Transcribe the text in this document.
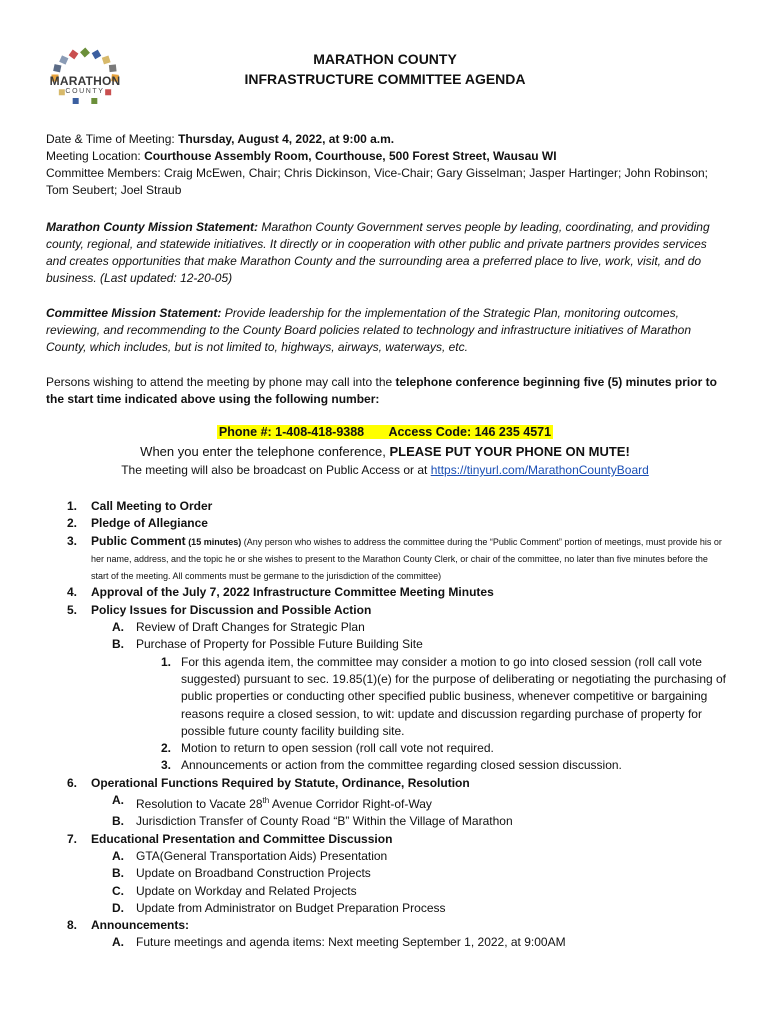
MARATHON
COUNTY
MARATHON COUNTY
INFRASTRUCTURE COMMITTEE AGENDA
Date & Time of Meeting: Thursday, August 4, 2022, at 9:00 a.m.
Meeting Location: Courthouse Assembly Room, Courthouse, 500 Forest Street, Wausau WI
Committee Members: Craig McEwen, Chair; Chris Dickinson, Vice-Chair; Gary Gisselman; Jasper Hartinger; John Robinson; Tom Seubert; Joel Straub
Marathon County Mission Statement: Marathon County Government serves people by leading, coordinating, and providing county, regional, and statewide initiatives. It directly or in cooperation with other public and private partners provides services and creates opportunities that make Marathon County and the surrounding area a preferred place to live, work, visit, and do business. (Last updated: 12-20-05)
Committee Mission Statement: Provide leadership for the implementation of the Strategic Plan, monitoring outcomes, reviewing, and recommending to the County Board policies related to technology and infrastructure initiatives of Marathon County, which includes, but is not limited to, highways, airways, waterways, etc.
Persons wishing to attend the meeting by phone may call into the telephone conference beginning five (5) minutes prior to the start time indicated above using the following number:
Phone #: 1-408-418-9388 Access Code: 146 235 4571
When you enter the telephone conference, PLEASE PUT YOUR PHONE ON MUTE!
The meeting will also be broadcast on Public Access or at https://tinyurl.com/MarathonCountyBoard
1. Call Meeting to Order
2. Pledge of Allegiance
3. Public Comment (15 minutes) (Any person who wishes to address the committee during the “Public Comment” portion of meetings, must provide his or her name, address, and the topic he or she wishes to present to the Marathon County Clerk, or chair of the committee, no later than five minutes before the start of the meeting. All comments must be germane to the jurisdiction of the committee)
4. Approval of the July 7, 2022 Infrastructure Committee Meeting Minutes
5. Policy Issues for Discussion and Possible Action
A. Review of Draft Changes for Strategic Plan
B. Purchase of Property for Possible Future Building Site
1. For this agenda item, the committee may consider a motion to go into closed session (roll call vote suggested) pursuant to sec. 19.85(1)(e) for the purpose of deliberating or negotiating the purchasing of public properties or conducting other specified public business, whenever competitive or bargaining reasons require a closed session, to wit: update and discussion regarding purchase of property for possible future county facility building site.
2. Motion to return to open session (roll call vote not required.
3. Announcements or action from the committee regarding closed session discussion.
6. Operational Functions Required by Statute, Ordinance, Resolution
A. Resolution to Vacate 28th Avenue Corridor Right-of-Way
B. Jurisdiction Transfer of County Road “B” Within the Village of Marathon
7. Educational Presentation and Committee Discussion
A. GTA(General Transportation Aids) Presentation
B. Update on Broadband Construction Projects
C. Update on Workday and Related Projects
D. Update from Administrator on Budget Preparation Process
8. Announcements:
A. Future meetings and agenda items: Next meeting September 1, 2022, at 9:00AM
